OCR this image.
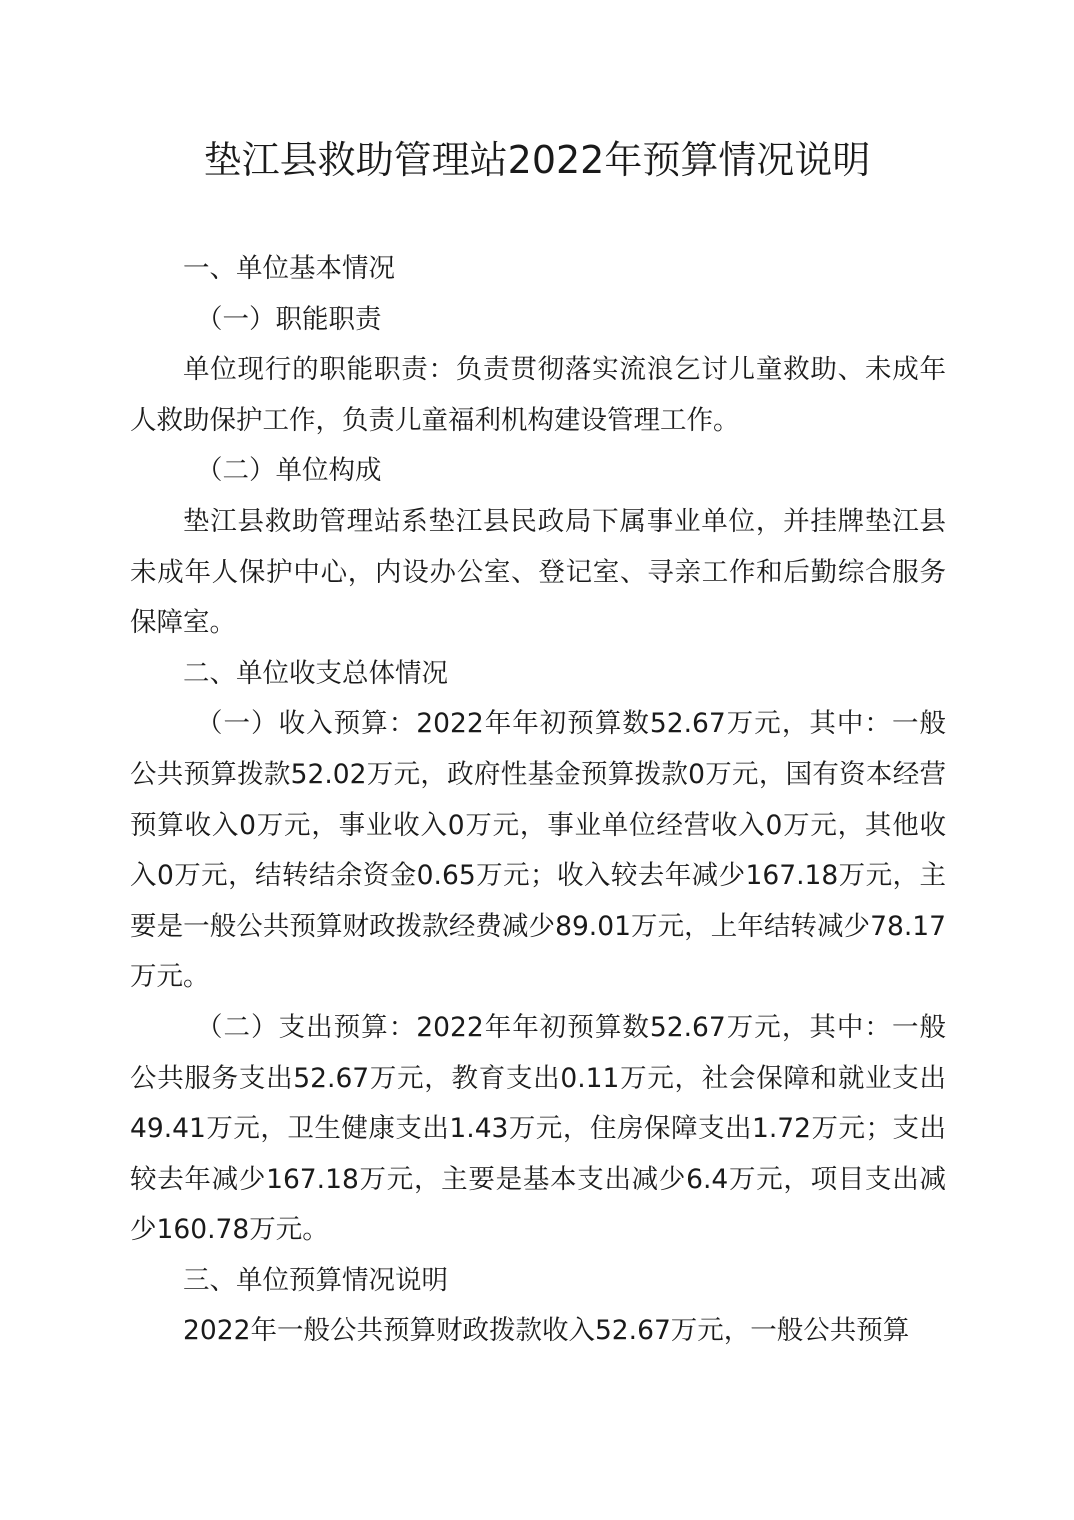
垫江县救助管理站2022年预算情况说明

一、单位基本情况

（一）职能职责

单位现行的职能职责：负责贯彻落实流浪乞讨儿童救助、未成年人救助保护工作，负责儿童福利机构建设管理工作。

（二）单位构成

垫江县救助管理站系垫江县民政局下属事业单位，并挂牌垫江县未成年人保护中心，内设办公室、登记室、寻亲工作和后勤综合服务保障室。

二、单位收支总体情况

（一）收入预算：2022年年初预算数52.67万元，其中：一般公共预算拨款52.02万元，政府性基金预算拨款0万元，国有资本经营预算收入0万元，事业收入0万元，事业单位经营收入0万元，其他收入0万元，结转结余资金0.65万元；收入较去年减少167.18万元，主要是一般公共预算财政拨款经费减少89.01万元，上年结转减少78.17万元。

（二）支出预算：2022年年初预算数52.67万元，其中：一般公共服务支出52.67万元，教育支出0.11万元，社会保障和就业支出49.41万元，卫生健康支出1.43万元，住房保障支出1.72万元；支出较去年减少167.18万元，主要是基本支出减少6.4万元，项目支出减少160.78万元。

三、单位预算情况说明

2022年一般公共预算财政拨款收入52.67万元，一般公共预算
